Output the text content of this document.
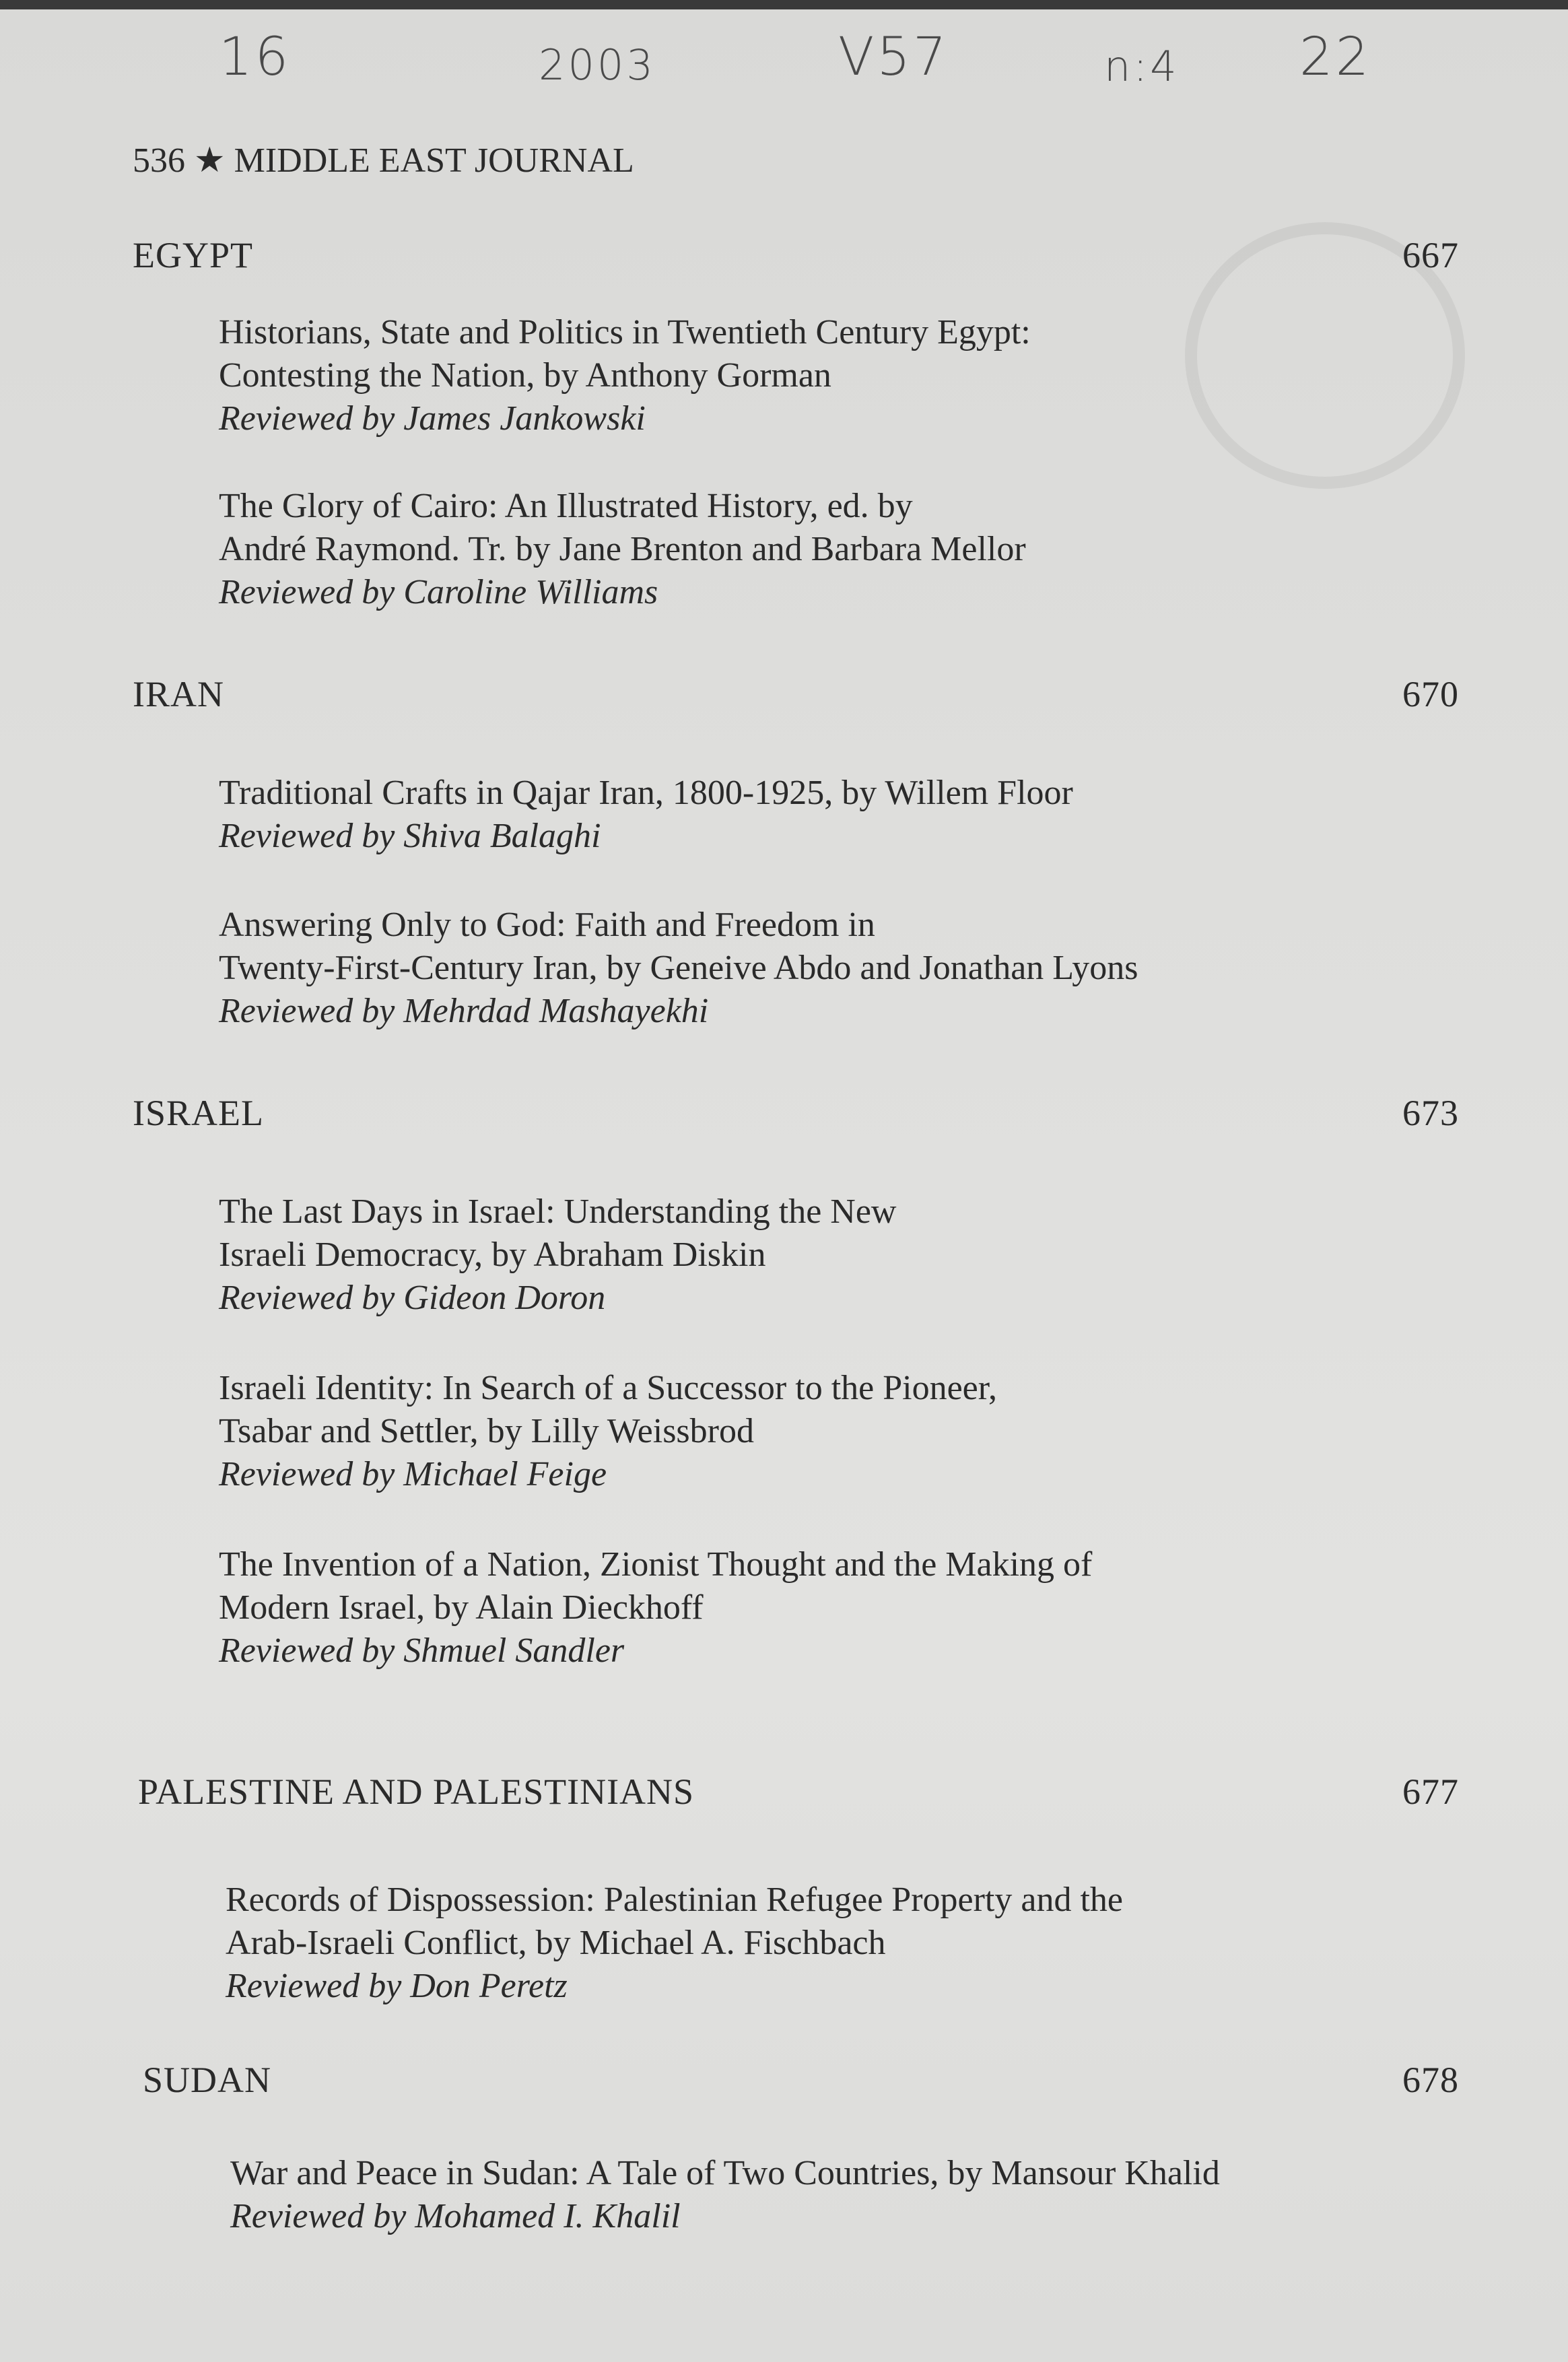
16	2003	V57	n:4 22
536 ★ MIDDLE EAST JOURNAL
EGYPT	667
Historians, State and Politics in Twentieth Century Egypt:
Contesting the Nation, by Anthony Gorman
Reviewed by James Jankowski
The Glory of Cairo: An Illustrated History, ed. by
André Raymond. Tr. by Jane Brenton and Barbara Mellor
Reviewed by Caroline Williams
IRAN	670
Traditional Crafts in Qajar Iran, 1800-1925, by Willem Floor
Reviewed by Shiva Balaghi
Answering Only to God: Faith and Freedom in
Twenty-First-Century Iran, by Geneive Abdo and Jonathan Lyons
Reviewed by Mehrdad Mashayekhi
ISRAEL	673
The Last Days in Israel: Understanding the New
Israeli Democracy, by Abraham Diskin
Reviewed by Gideon Doron
Israeli Identity: In Search of a Successor to the Pioneer,
Tsabar and Settler, by Lilly Weissbrod
Reviewed by Michael Feige
The Invention of a Nation, Zionist Thought and the Making of
Modern Israel, by Alain Dieckhoff
Reviewed by Shmuel Sandler
PALESTINE AND PALESTINIANS	677
Records of Dispossession: Palestinian Refugee Property and the
Arab-Israeli Conflict, by Michael A. Fischbach
Reviewed by Don Peretz
SUDAN	678
War and Peace in Sudan: A Tale of Two Countries, by Mansour Khalid
Reviewed by Mohamed I. Khalil
